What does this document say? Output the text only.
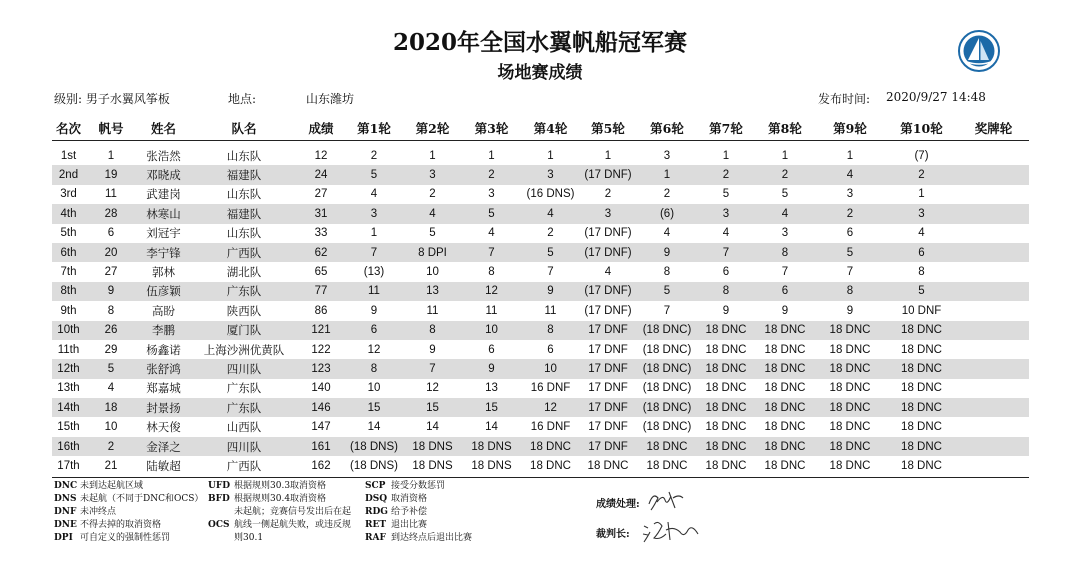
2020年全国水翼帆船冠军赛
场地赛成绩
级别: 男子水翼风筝板	地点:	山东潍坊	发布时间: 2020/9/27 14:48
名次	帆号	姓名	队名	成绩	第1轮	第2轮	第3轮	第4轮	第5轮	第6轮	第7轮	第8轮	第9轮	第10轮	奖牌轮

1st	1	张浩然	山东队	12	2	1	1	1	1	3	1	1	1	(7)	
2nd	19	邓晓成	福建队	24	5	3	2	3	(17 DNF)	1	2	2	4	2	
3rd	11	武建岗	山东队	27	4	2	3	(16 DNS)	2	2	5	5	3	1	
4th	28	林寒山	福建队	31	3	4	5	4	3	(6)	3	4	2	3	
5th	6	刘冠宇	山东队	33	1	5	4	2	(17 DNF)	4	4	3	6	4	
6th	20	李宁锋	广西队	62	7	8 DPI	7	5	(17 DNF)	9	7	8	5	6	
7th	27	郭林	湖北队	65	(13)	10	8	7	4	8	6	7	7	8	
8th	9	伍彦颖	广东队	77	11	13	12	9	(17 DNF)	5	8	6	8	5	
9th	8	高盼	陕西队	86	9	11	11	11	(17 DNF)	7	9	9	9	10 DNF	
10th	26	李鹏	厦门队	121	6	8	10	8	17 DNF	(18 DNC)	18 DNC	18 DNC	18 DNC	18 DNC	
11th	29	杨鑫诺	上海沙洲优黄队	122	12	9	6	6	17 DNF	(18 DNC)	18 DNC	18 DNC	18 DNC	18 DNC	
12th	5	张舒鸿	四川队	123	8	7	9	10	17 DNF	(18 DNC)	18 DNC	18 DNC	18 DNC	18 DNC	
13th	4	郑嘉城	广东队	140	10	12	13	16 DNF	17 DNF	(18 DNC)	18 DNC	18 DNC	18 DNC	18 DNC	
14th	18	封景扬	广东队	146	15	15	15	12	17 DNF	(18 DNC)	18 DNC	18 DNC	18 DNC	18 DNC	
15th	10	林天俊	山西队	147	14	14	14	16 DNF	17 DNF	(18 DNC)	18 DNC	18 DNC	18 DNC	18 DNC	
16th	2	金泽之	四川队	161	(18 DNS)	18 DNS	18 DNS	18 DNC	17 DNF	18 DNC	18 DNC	18 DNC	18 DNC	18 DNC	
17th	21	陆敏超	广西队	162	(18 DNS)	18 DNS	18 DNS	18 DNC	18 DNC	18 DNC	18 DNC	18 DNC	18 DNC	18 DNC	
DNC 未到达起航区域
DNS 未起航（不同于DNC和OCS）
DNF 未冲终点
DNE 不得去掉的取消资格
DPI 可自定义的强制性惩罚
UFD 根据规则30.3取消资格
BFD 根据规则30.4取消资格
未起航；竞赛信号发出后在起
OCS 航线一侧起航失败，或违反规
则30.1
SCP 接受分数惩罚
DSQ 取消资格
RDG 给予补偿
RET 退出比赛
RAF 到达终点后退出比赛
成绩处理:
裁判长:
